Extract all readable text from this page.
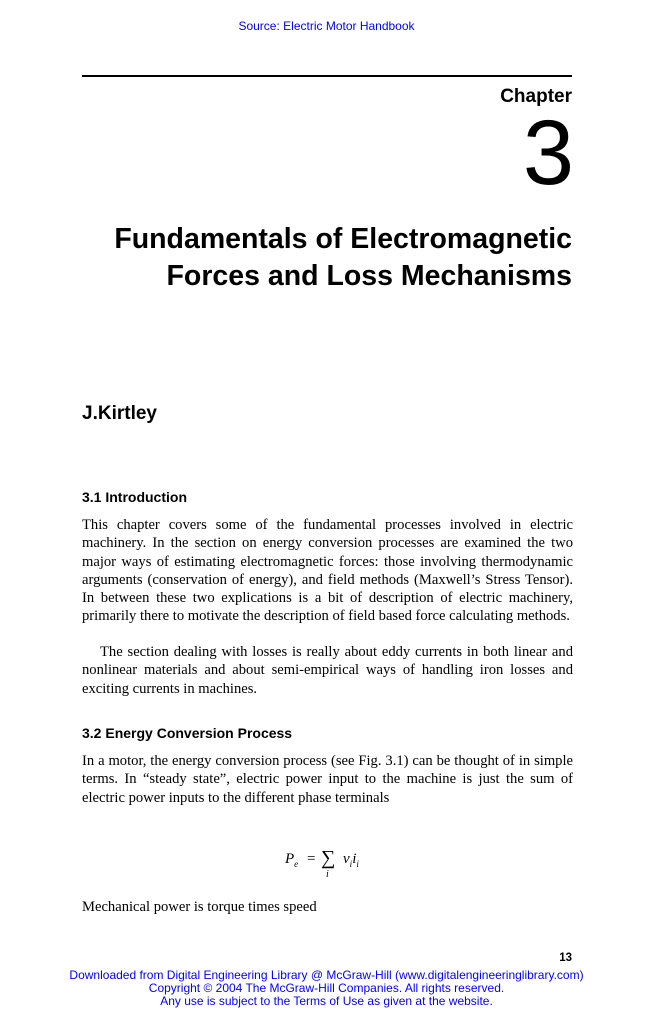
Source: Electric Motor Handbook
Chapter
3
Fundamentals of Electromagnetic
Forces and Loss Mechanisms
J.Kirtley
3.1 Introduction
This chapter covers some of the fundamental processes involved in electric machinery. In the section on energy conversion processes are examined the two major ways of estimating electromagnetic forces: those involving thermodynamic arguments (conservation of energy), and field methods (Maxwell’s Stress Tensor). In between these two explications is a bit of description of electric machinery, primarily there to motivate the description of field based force calculating methods.
The section dealing with losses is really about eddy currents in both linear and nonlinear materials and about semi-empirical ways of handling iron losses and exciting currents in machines.
3.2 Energy Conversion Process
In a motor, the energy conversion process (see Fig. 3.1) can be thought of in simple terms. In “steady state”, electric power input to the machine is just the sum of electric power inputs to the different phase terminals
$P_e$ = ∑
i
$v_ii_i$
Mechanical power is torque times speed
13
Downloaded from Digital Engineering Library @ McGraw-Hill (www.digitalengineeringlibrary.com)
Copyright © 2004 The McGraw-Hill Companies. All rights reserved.
Any use is subject to the Terms of Use as given at the website.
